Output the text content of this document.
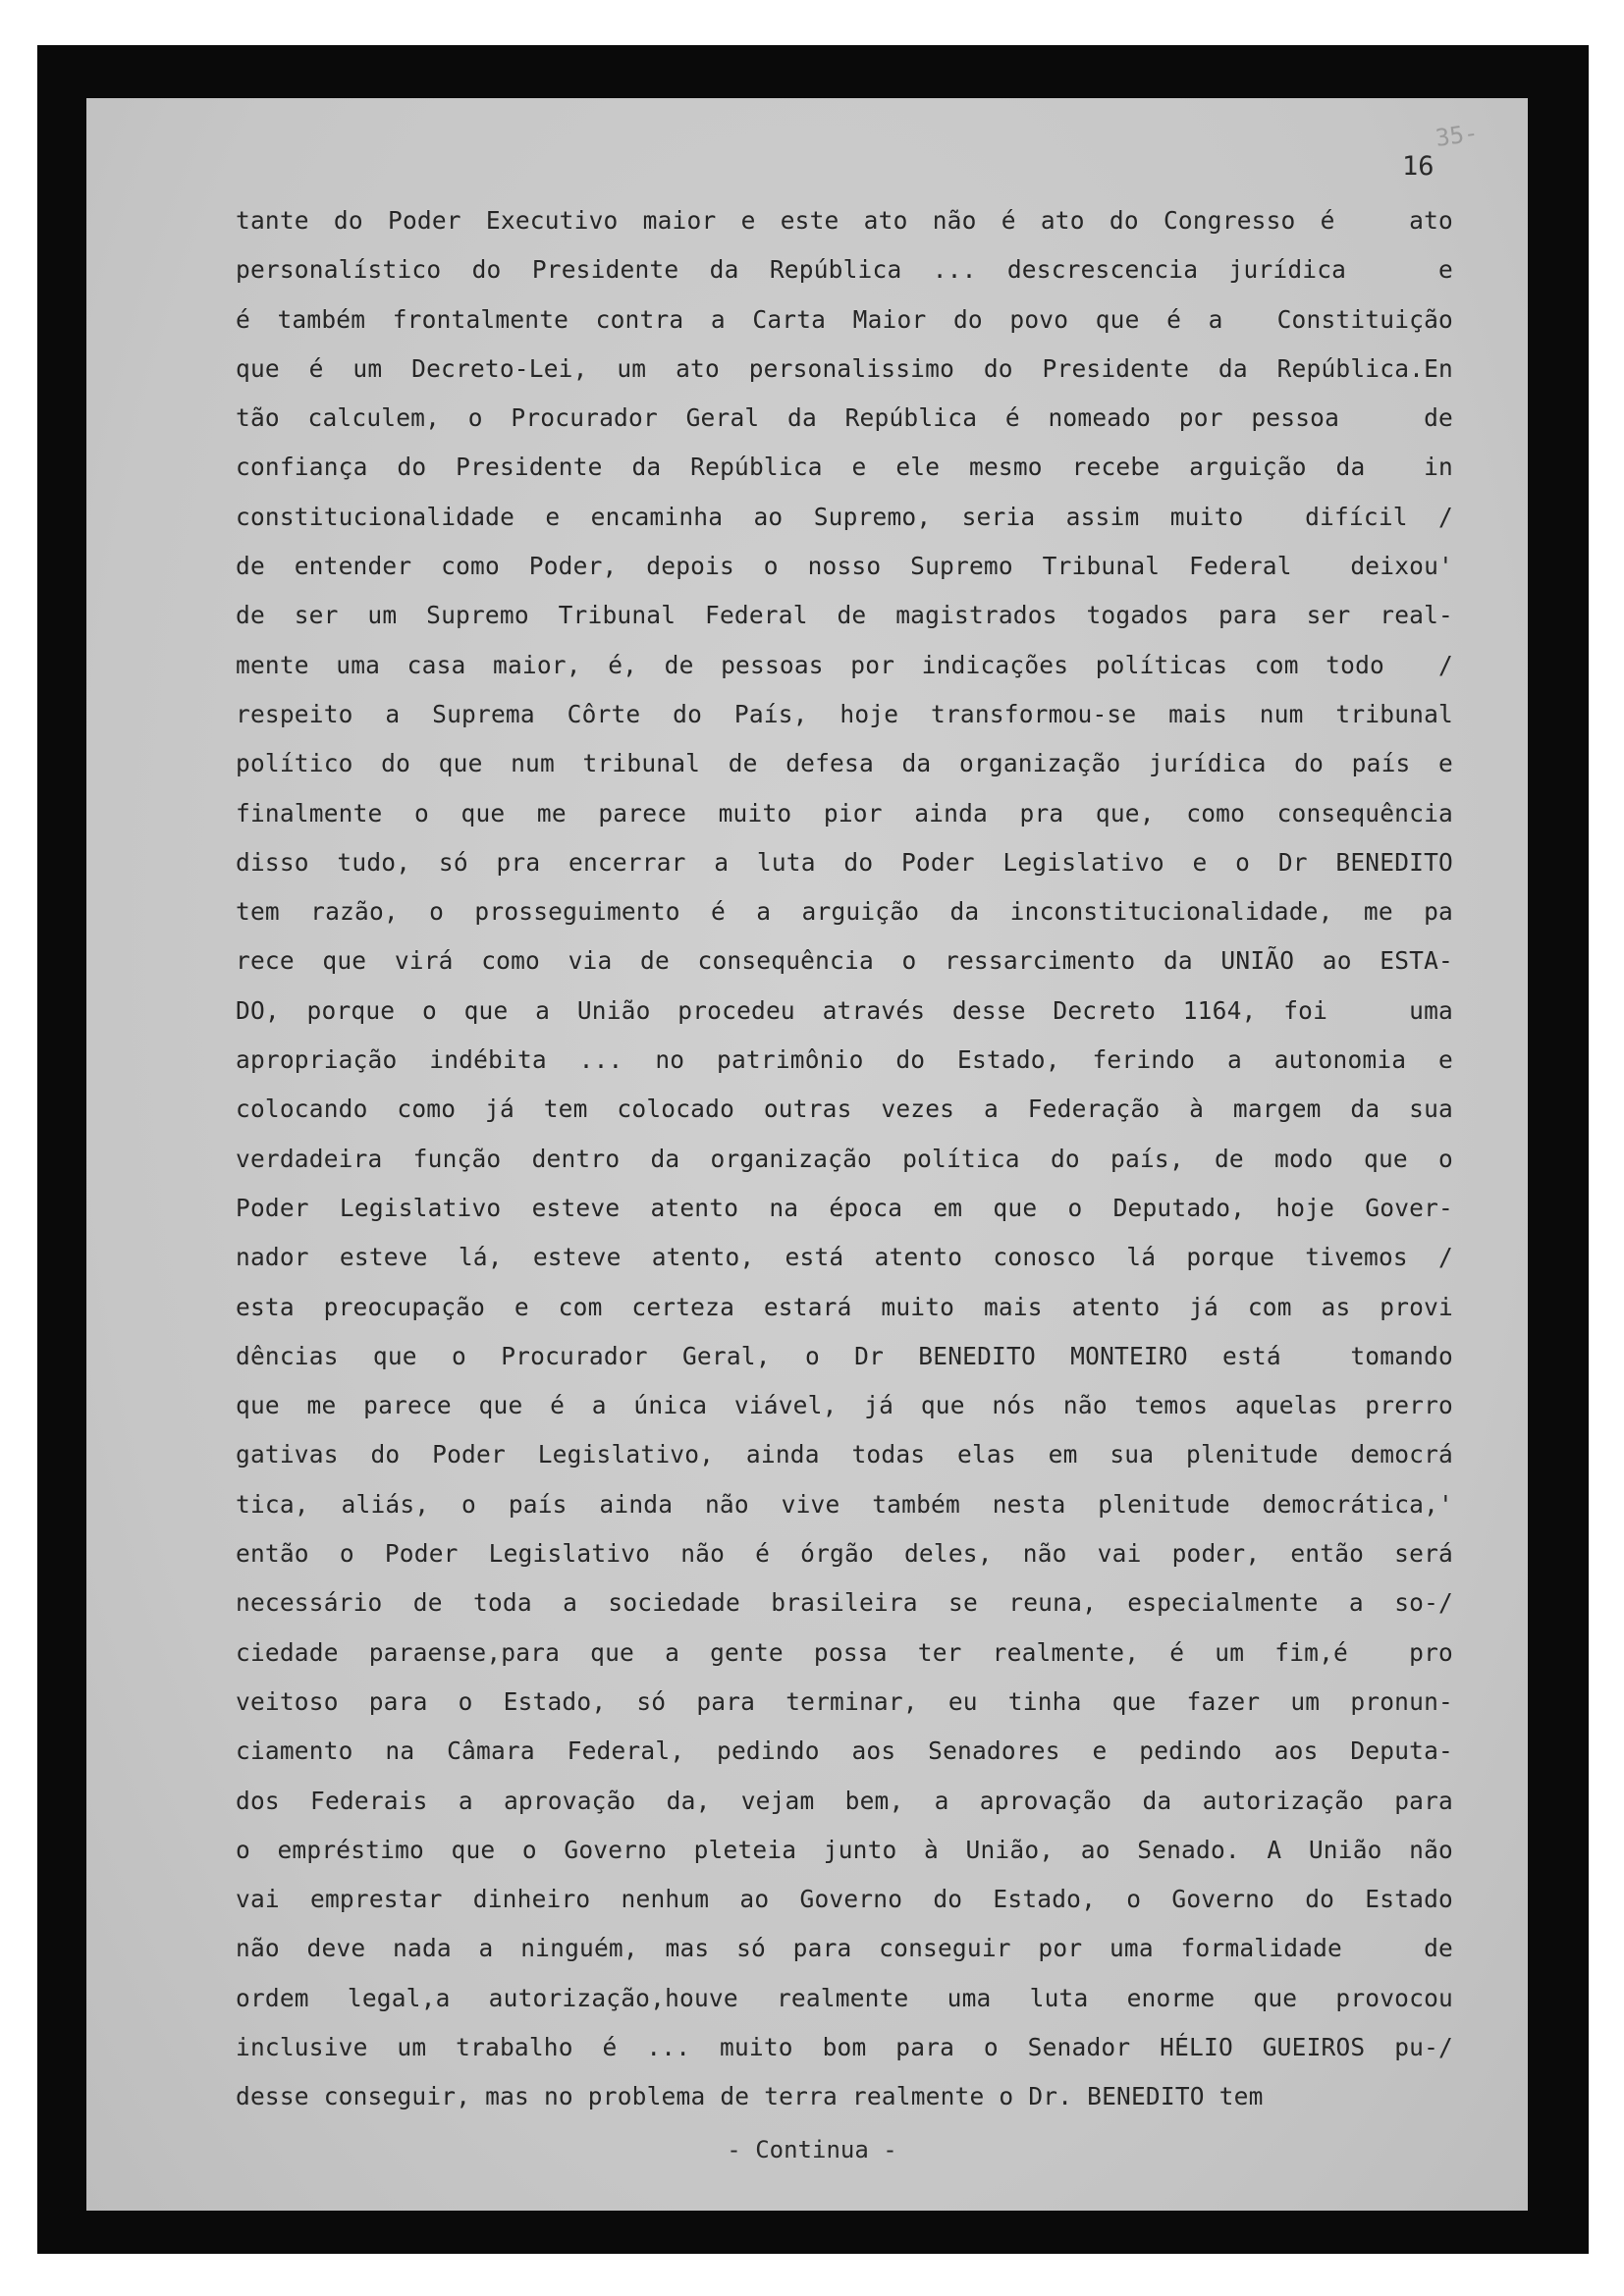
16
35-
tante do Poder Executivo maior e este ato não é ato do Congresso é   ato
personalístico do Presidente da República ... descrescencia jurídica   e
é também frontalmente contra a Carta Maior do povo que é a  Constituição
que é um Decreto-Lei, um ato personalissimo do Presidente da República.En
tão calculem, o Procurador Geral da República é nomeado por pessoa   de
confiança do Presidente da República e ele mesmo recebe arguição da  in
constitucionalidade e encaminha ao Supremo, seria assim muito  difícil /
de entender como Poder, depois o nosso Supremo Tribunal Federal  deixou'
de ser um Supremo Tribunal Federal de magistrados togados para ser real-
mente uma casa maior, é, de pessoas por indicações políticas com todo  /
respeito a Suprema Côrte do País, hoje transformou-se mais num tribunal
político do que num tribunal de defesa da organização jurídica do país e
finalmente o que me parece muito pior ainda pra que, como consequência
disso tudo, só pra encerrar a luta do Poder Legislativo e o Dr BENEDITO
tem razão, o prosseguimento é a arguição da inconstitucionalidade, me pa
rece que virá como via de consequência o ressarcimento da UNIÃO ao ESTA-
DO, porque o que a União procedeu através desse Decreto 1164, foi   uma
apropriação indébita ... no patrimônio do Estado, ferindo a autonomia e
colocando como já tem colocado outras vezes a Federação à margem da sua
verdadeira função dentro da organização política do país, de modo que o
Poder Legislativo esteve atento na época em que o Deputado, hoje Gover-
nador esteve lá, esteve atento, está atento conosco lá porque tivemos /
esta preocupação e com certeza estará muito mais atento já com as provi
dências que o Procurador Geral, o Dr BENEDITO MONTEIRO está  tomando
que me parece que é a única viável, já que nós não temos aquelas prerro
gativas do Poder Legislativo, ainda todas elas em sua plenitude democrá
tica, aliás, o país ainda não vive também nesta plenitude democrática,'
então o Poder Legislativo não é órgão deles, não vai poder, então será
necessário de toda a sociedade brasileira se reuna, especialmente a so-/
ciedade paraense,para que a gente possa ter realmente, é um fim,é  pro
veitoso para o Estado, só para terminar, eu tinha que fazer um pronun-
ciamento na Câmara Federal, pedindo aos Senadores e pedindo aos Deputa-
dos Federais a aprovação da, vejam bem, a aprovação da autorização para
o empréstimo que o Governo pleteia junto à União, ao Senado. A União não
vai emprestar dinheiro nenhum ao Governo do Estado, o Governo do Estado
não deve nada a ninguém, mas só para conseguir por uma formalidade   de
ordem legal,a autorização,houve realmente uma luta enorme que provocou
inclusive um trabalho é ... muito bom para o Senador HÉLIO GUEIROS pu-/
desse conseguir, mas no problema de terra realmente o Dr. BENEDITO tem
- Continua -
